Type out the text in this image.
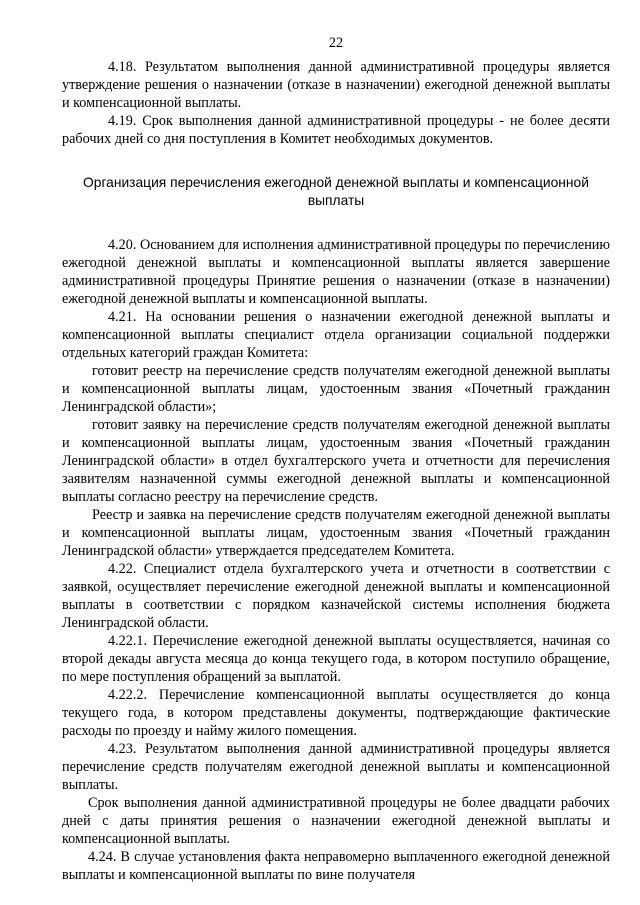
22

4.18. Результатом выполнения данной административной процедуры является утверждение решения о назначении (отказе в назначении) ежегодной денежной выплаты и компенсационной выплаты.

4.19. Срок выполнения данной административной процедуры - не более десяти рабочих дней со дня поступления в Комитет необходимых документов.

Организация перечисления ежегодной денежной выплаты и компенсационной выплаты

4.20. Основанием для исполнения административной процедуры по перечислению ежегодной денежной выплаты и компенсационной выплаты является завершение административной процедуры Принятие решения о назначении (отказе в назначении) ежегодной денежной выплаты и компенсационной выплаты.

4.21. На основании решения о назначении ежегодной денежной выплаты и компенсационной выплаты специалист отдела организации социальной поддержки отдельных категорий граждан Комитета:

готовит реестр на перечисление средств получателям ежегодной денежной выплаты и компенсационной выплаты лицам, удостоенным звания «Почетный гражданин Ленинградской области»;

готовит заявку на перечисление средств получателям ежегодной денежной выплаты и компенсационной выплаты лицам, удостоенным звания «Почетный гражданин Ленинградской области» в отдел бухгалтерского учета и отчетности для перечисления заявителям назначенной суммы ежегодной денежной выплаты и компенсационной выплаты согласно реестру на перечисление средств.

Реестр и заявка на перечисление средств получателям ежегодной денежной выплаты и компенсационной выплаты лицам, удостоенным звания «Почетный гражданин Ленинградской области» утверждается председателем Комитета.

4.22. Специалист отдела бухгалтерского учета и отчетности в соответствии с заявкой, осуществляет перечисление ежегодной денежной выплаты и компенсационной выплаты в соответствии с порядком казначейской системы исполнения бюджета Ленинградской области.

4.22.1. Перечисление ежегодной денежной выплаты осуществляется, начиная со второй декады августа месяца до конца текущего года, в котором поступило обращение, по мере поступления обращений за выплатой.

4.22.2. Перечисление компенсационной выплаты осуществляется до конца текущего года, в котором представлены документы, подтверждающие фактические расходы по проезду и найму жилого помещения.

4.23. Результатом выполнения данной административной процедуры является перечисление средств получателям ежегодной денежной выплаты и компенсационной выплаты.

Срок выполнения данной административной процедуры не более двадцати рабочих дней с даты принятия решения о назначении ежегодной денежной выплаты и компенсационной выплаты.

4.24. В случае установления факта неправомерно выплаченного ежегодной денежной выплаты и компенсационной выплаты по вине получателя
